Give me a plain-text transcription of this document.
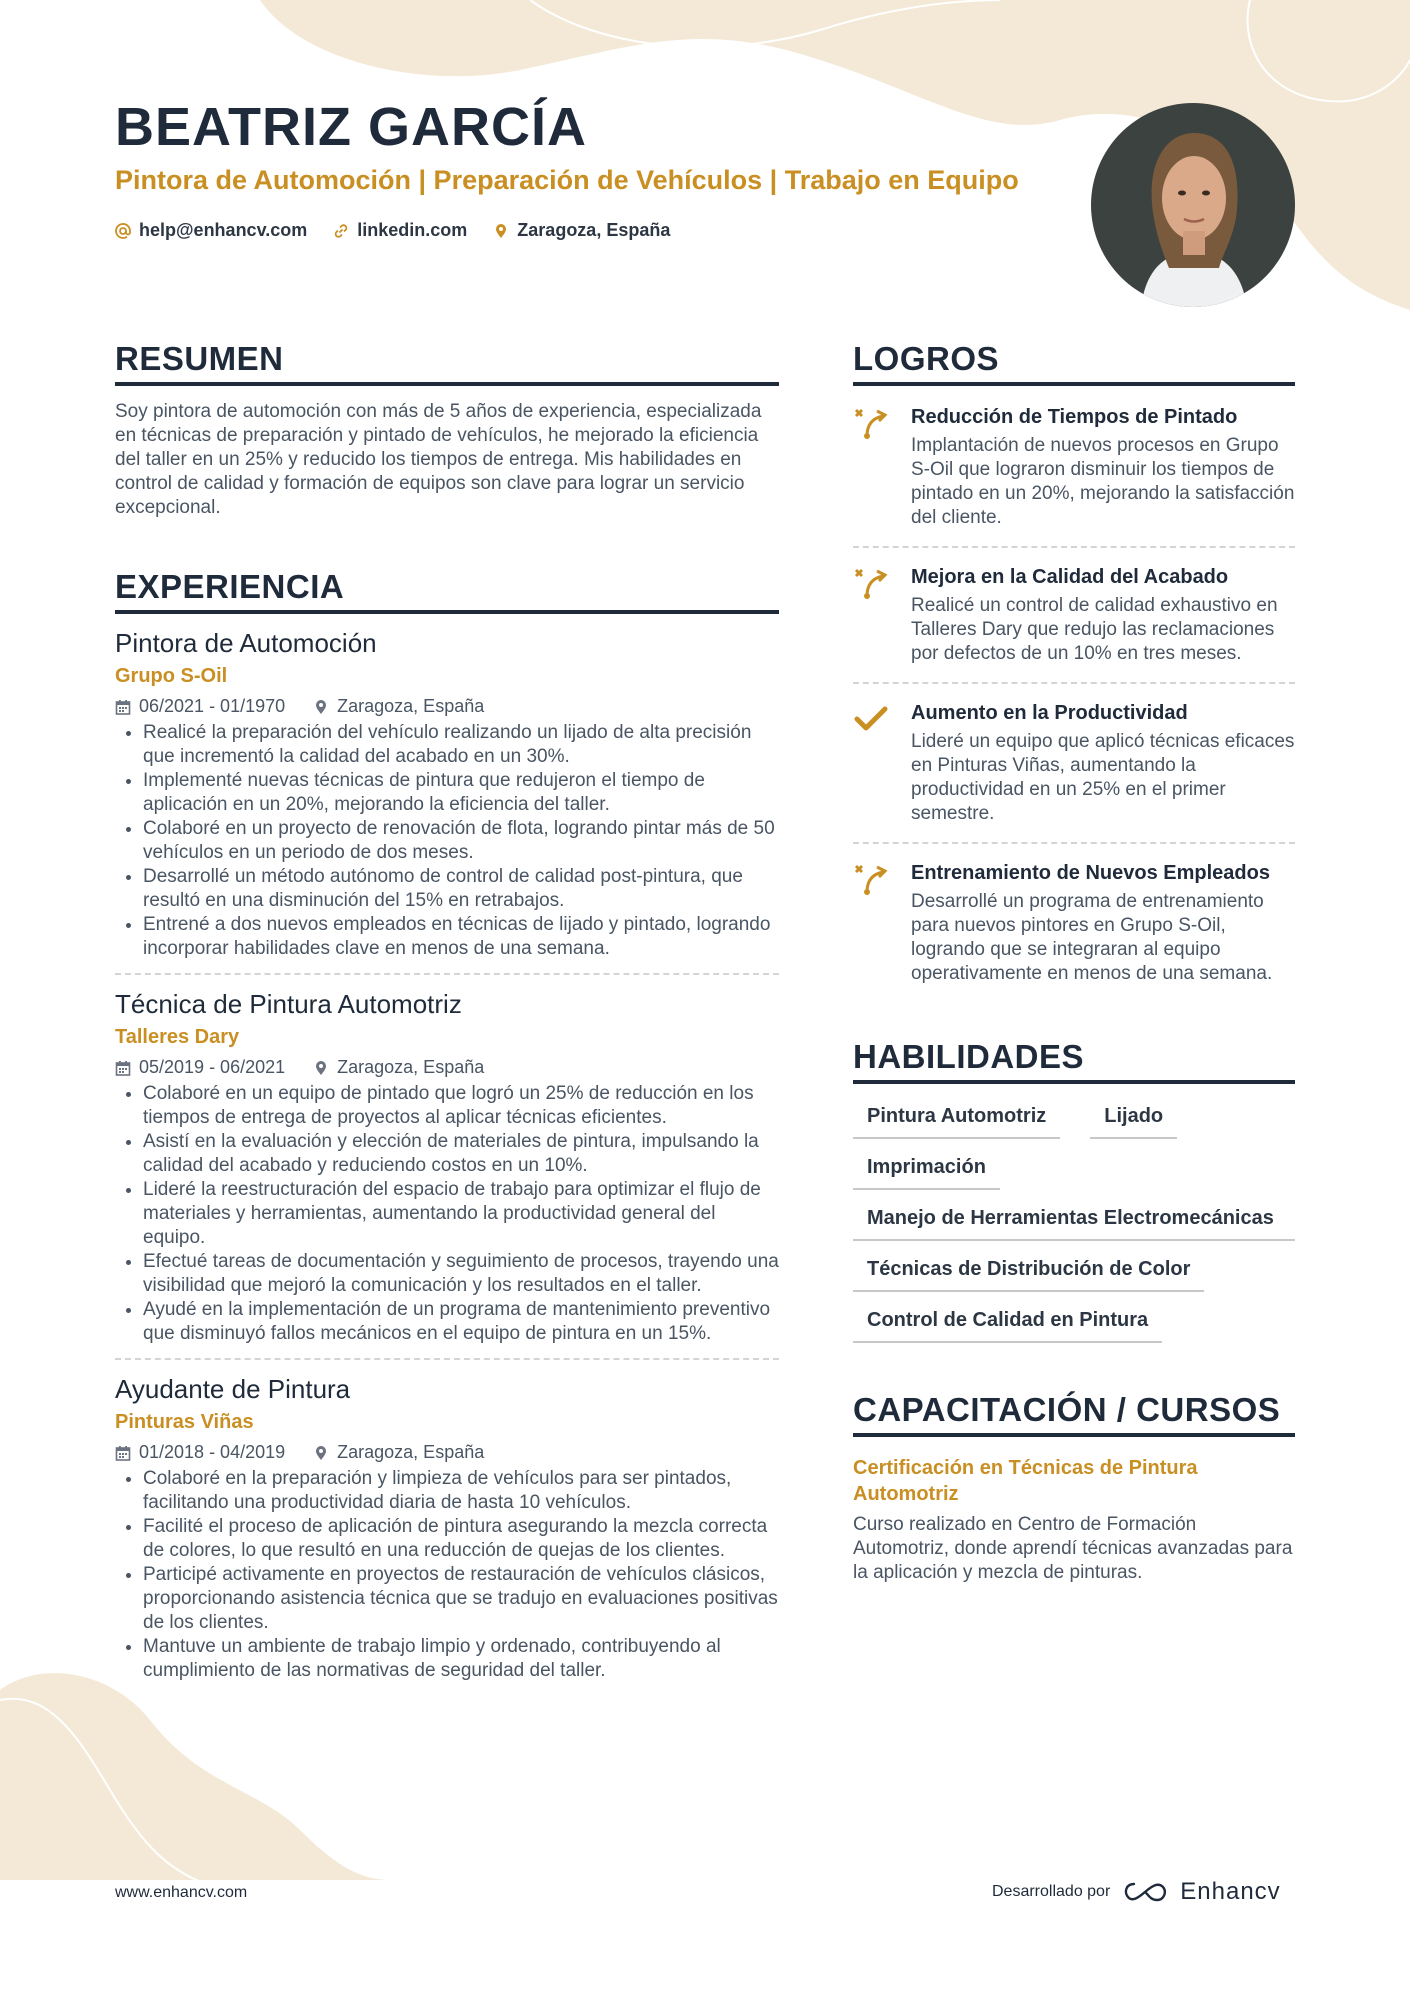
BEATRIZ GARCÍA
Pintora de Automoción | Preparación de Vehículos | Trabajo en Equipo
help@enhancv.com	linkedin.com	Zaragoza, España
RESUMEN

Soy pintora de automoción con más de 5 años de experiencia, especializada en técnicas de preparación y pintado de vehículos, he mejorado la eficiencia del taller en un 25% y reducido los tiempos de entrega. Mis habilidades en control de calidad y formación de equipos son clave para lograr un servicio excepcional.

EXPERIENCIA
Pintora de Automoción
Grupo S-Oil
06/2021 - 01/1970	Zaragoza, España
• Realicé la preparación del vehículo realizando un lijado de alta precisión que incrementó la calidad del acabado en un 30%.
• Implementé nuevas técnicas de pintura que redujeron el tiempo de aplicación en un 20%, mejorando la eficiencia del taller.
• Colaboré en un proyecto de renovación de flota, logrando pintar más de 50 vehículos en un periodo de dos meses.
• Desarrollé un método autónomo de control de calidad post-pintura, que resultó en una disminución del 15% en retrabajos.
• Entrené a dos nuevos empleados en técnicas de lijado y pintado, logrando incorporar habilidades clave en menos de una semana.
Técnica de Pintura Automotriz
Talleres Dary
05/2019 - 06/2021	Zaragoza, España
• Colaboré en un equipo de pintado que logró un 25% de reducción en los tiempos de entrega de proyectos al aplicar técnicas eficientes.
• Asistí en la evaluación y elección de materiales de pintura, impulsando la calidad del acabado y reduciendo costos en un 10%.
• Lideré la reestructuración del espacio de trabajo para optimizar el flujo de materiales y herramientas, aumentando la productividad general del equipo.
• Efectué tareas de documentación y seguimiento de procesos, trayendo una visibilidad que mejoró la comunicación y los resultados en el taller.
• Ayudé en la implementación de un programa de mantenimiento preventivo que disminuyó fallos mecánicos en el equipo de pintura en un 15%.
Ayudante de Pintura
Pinturas Viñas
01/2018 - 04/2019	Zaragoza, España
• Colaboré en la preparación y limpieza de vehículos para ser pintados, facilitando una productividad diaria de hasta 10 vehículos.
• Facilité el proceso de aplicación de pintura asegurando la mezcla correcta de colores, lo que resultó en una reducción de quejas de los clientes.
• Participé activamente en proyectos de restauración de vehículos clásicos, proporcionando asistencia técnica que se tradujo en evaluaciones positivas de los clientes.
• Mantuve un ambiente de trabajo limpio y ordenado, contribuyendo al cumplimiento de las normativas de seguridad del taller.
LOGROS
Reducción de Tiempos de Pintado

Implantación de nuevos procesos en Grupo S-Oil que lograron disminuir los tiempos de pintado en un 20%, mejorando la satisfacción del cliente.

Mejora en la Calidad del Acabado

Realicé un control de calidad exhaustivo en Talleres Dary que redujo las reclamaciones por defectos de un 10% en tres meses.

Aumento en la Productividad

Lideré un equipo que aplicó técnicas eficaces en Pinturas Viñas, aumentando la productividad en un 25% en el primer semestre.

Entrenamiento de Nuevos Empleados

Desarrollé un programa de entrenamiento para nuevos pintores en Grupo S-Oil, logrando que se integraran al equipo operativamente en menos de una semana.

HABILIDADES
Pintura Automotriz	Lijado
Imprimación
Manejo de Herramientas Electromecánicas
Técnicas de Distribución de Color
Control de Calidad en Pintura
CAPACITACIÓN / CURSOS
Certificación en Técnicas de Pintura Automotriz

Curso realizado en Centro de Formación Automotriz, donde aprendí técnicas avanzadas para la aplicación y mezcla de pinturas.

www.enhancv.com	Desarrollado por	Enhancv
